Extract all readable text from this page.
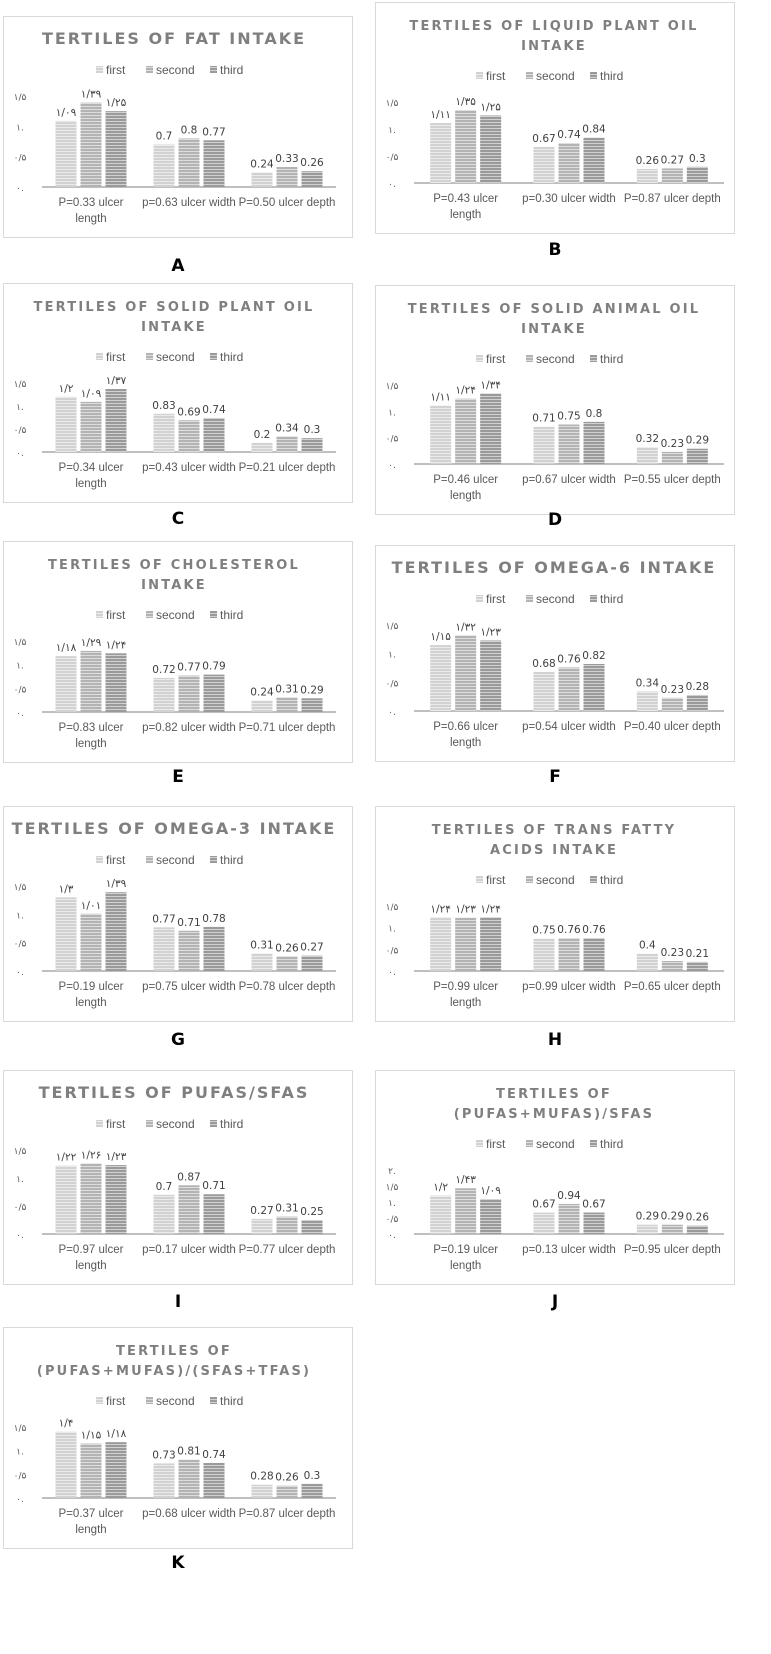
TERTILES OF FAT INTAKE
first	second third
۰.
۰/۵
۱.
۱/۵
۱/۰۹
۱/۳۹
۱/۲۵
P=0.33 ulcer
length
0.7
0.8 0.77
p=0.63 ulcer width
0.24 0.33 0.26
P=0.50 ulcer depth
A
TERTILES OF LIQUID PLANT OIL
INTAKE
first	second third
۰.
۰/۵
۱.
۱/۵
۱/۱۱
۱/۳۵ ۱/۲۵
P=0.43 ulcer
length
0.67 0.74 0.84
p=0.30 ulcer width
0.26 0.27 0.3
P=0.87 ulcer depth
B
TERTILES OF SOLID PLANT OIL
INTAKE
first	second third
۰.
۰/۵
۱.
۱/۵	۱/۲ ۱/۰۹
۱/۳۷
P=0.34 ulcer
length
0.83
0.69 0.74
p=0.43 ulcer width
0.2
0.34 0.3
P=0.21 ulcer depth
C
TERTILES OF SOLID ANIMAL OIL
INTAKE
first	second third
۰.
۰/۵
۱.
۱/۵
۱/۱۱
۱/۲۴ ۱/۳۴
P=0.46 ulcer
length
0.71 0.75 0.8
p=0.67 ulcer width
0.32 0.23 0.29
P=0.55 ulcer depth
D
TERTILES OF CHOLESTEROL
INTAKE
first	second third
۰.
۰/۵
۱.
۱/۵	۱/۱۸ ۱/۲۹ ۱/۲۴
P=0.83 ulcer
length
0.72 0.77 0.79
p=0.82 ulcer width
0.24 0.31 0.29
P=0.71 ulcer depth
E
TERTILES OF OMEGA-6 INTAKE
first	second third
۰.
۰/۵
۱.
۱/۵
۱/۱۵
۱/۳۲ ۱/۲۳
P=0.66 ulcer
length
0.68 0.76 0.82
p=0.54 ulcer width
0.34
0.23 0.28
P=0.40 ulcer depth
F
TERTILES OF OMEGA-3 INTAKE
first	second third
۰.
۰/۵
۱.
۱/۵	۱/۳
۱/۰۱
۱/۳۹
P=0.19 ulcer
length
0.77 0.71 0.78
p=0.75 ulcer width
0.31 0.26 0.27
P=0.78 ulcer depth
G
TERTILES OF TRANS FATTY
ACIDS INTAKE
first	second third
۰.
۰/۵
۱.
۱/۵	۱/۲۴ ۱/۲۳ ۱/۲۴
P=0.99 ulcer
length
0.75 0.76 0.76
p=0.99 ulcer width
0.4
0.23 0.21
P=0.65 ulcer depth
H
TERTILES OF PUFAS/SFAS
first	second third
۰.
۰/۵
۱.
۱/۵	۱/۲۲ ۱/۲۶ ۱/۲۳
P=0.97 ulcer
length
0.7
0.87
0.71
p=0.17 ulcer width
0.27 0.31 0.25
P=0.77 ulcer depth
I
TERTILES OF
(PUFAS+MUFAS)/SFAS
first	second third
۰.
۰/۵
۱.
۱/۵
۲.
۱/۲
۱/۴۳
۱/۰۹
P=0.19 ulcer
length
0.67
0.94
0.67
p=0.13 ulcer width
0.29 0.29 0.26
P=0.95 ulcer depth
J
TERTILES OF
(PUFAS+MUFAS)/(SFAS+TFAS)
first	second third
۰.
۰/۵
۱.
۱/۵	۱/۴
۱/۱۵ ۱/۱۸
P=0.37 ulcer
length
0.73 0.81 0.74
p=0.68 ulcer width
0.28 0.26 0.3
P=0.87 ulcer depth
K
